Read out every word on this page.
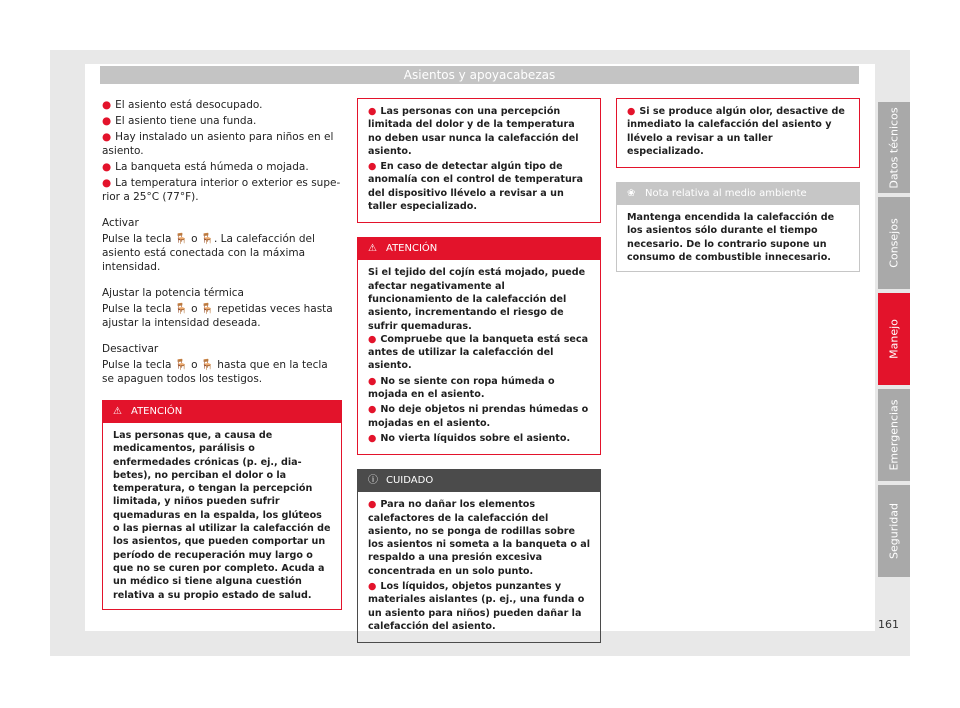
Asientos y apoyacabezas
● El asiento está desocupado.
● El asiento tiene una funda.
● Hay instalado un asiento para niños en el asiento.
● La banqueta está húmeda o mojada.
● La temperatura interior o exterior es superior a 25°C (77°F).
Activar

Pulse la tecla 🪑 o 🪑. La calefacción del asiento está conectada con la máxima intensidad.

Ajustar la potencia térmica

Pulse la tecla 🪑 o 🪑 repetidas veces hasta ajustar la intensidad deseada.

Desactivar

Pulse la tecla 🪑 o 🪑 hasta que en la tecla se apaguen todos los testigos.

⚠ ATENCIÓN
Las personas que, a causa de medicamentos, parálisis o enfermedades crónicas (p. ej., diabetes), no perciban el dolor o la temperatura, o tengan la percepción limitada, y niños pueden sufrir quemaduras en la espalda, los glúteos o las piernas al utilizar la calefacción de los asientos, que pueden comportar un período de recuperación muy largo o que no se curen por completo. Acuda a un médico si tiene alguna cuestión relativa a su propio estado de salud.
● Las personas con una percepción limitada del dolor y de la temperatura no deben usar nunca la calefacción del asiento.
● En caso de detectar algún tipo de anomalía con el control de temperatura del dispositivo llévelo a revisar a un taller especializado.
⚠ ATENCIÓN
Si el tejido del cojín está mojado, puede afectar negativamente al funcionamiento de la calefacción del asiento, incrementando el riesgo de sufrir quemaduras.
● Compruebe que la banqueta está seca antes de utilizar la calefacción del asiento.
● No se siente con ropa húmeda o mojada en el asiento.
● No deje objetos ni prendas húmedas o mojadas en el asiento.
● No vierta líquidos sobre el asiento.
ⓘ CUIDADO
● Para no dañar los elementos calefactores de la calefacción del asiento, no se ponga de rodillas sobre los asientos ni someta a la banqueta o al respaldo a una presión excesiva concentrada en un solo punto.
● Los líquidos, objetos punzantes y materiales aislantes (p. ej., una funda o un asiento para niños) pueden dañar la calefacción del asiento.
● Si se produce algún olor, desactive de inmediato la calefacción del asiento y llévelo a revisar a un taller especializado.
❀ Nota relativa al medio ambiente
Mantenga encendida la calefacción de los asientos sólo durante el tiempo necesario. De lo contrario supone un consumo de combustible innecesario.
Datos técnicos
Consejos
Manejo
Emergencias
Seguridad
161
